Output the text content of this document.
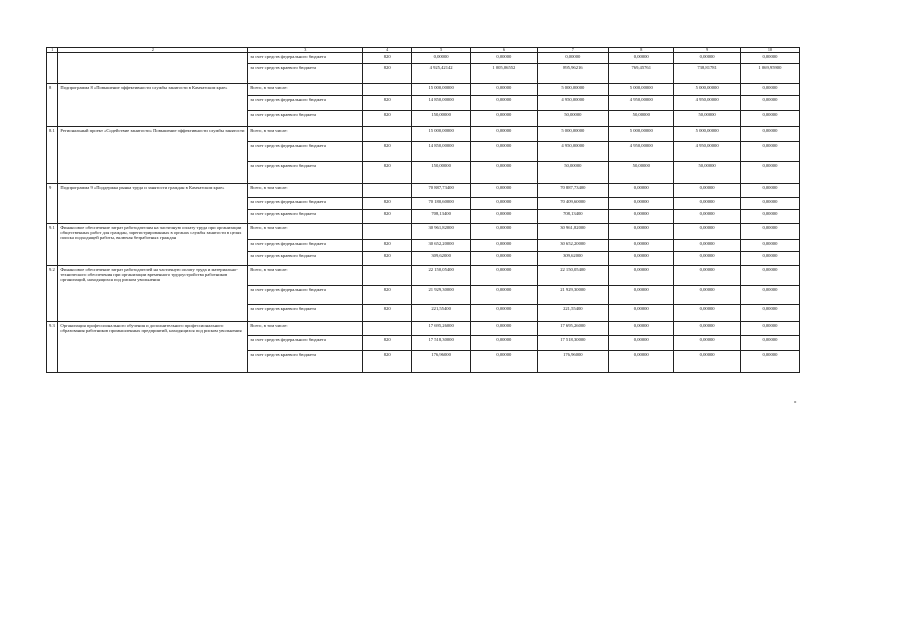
1	2	3	4	5	6	7	8	9	10
		за счет средств федерального бюджета	820	0,00000	0,00000	0,00000	0,00000	0,00000	0,00000
		за счет средств краевого бюджета	820	4 925,42142	1 005,06552	895,96216	769,45761	738,81781	1 069,95900
8	Подпрограмма 8 «Повышение эффективности службы занятости в Камчатском крае»	Всего, в том числе:		15 000,00000	0,00000	5 000,00000	5 000,00000	5 000,00000	0,00000
		за счет средств федерального бюджета	820	14 850,00000	0,00000	4 950,00000	4 950,00000	4 950,00000	0,00000
		за счет средств краевого бюджета	820	150,00000	0,00000	50,00000	50,00000	50,00000	0,00000
8.1	Региональный проект «Содействие занятости» Повышение эффективности службы занятости	Всего, в том числе:		15 000,00000	0,00000	5 000,00000	5 000,00000	5 000,00000	0,00000
		за счет средств федерального бюджета	820	14 850,00000	0,00000	4 950,00000	4 950,00000	4 950,00000	0,00000
		за счет средств краевого бюджета	820	150,00000	0,00000	50,00000	50,00000	50,00000	0,00000
9	Подпрограмма 9 «Поддержка рынка труда и занятости граждан в Камчатском крае»	Всего, в том числе:		70 887,73400	0,00000	70 887,73400	0,00000	0,00000	0,00000
		за счет средств федерального бюджета	820	70 180,60000	0,00000	70 409,60000	0,00000	0,00000	0,00000
		за счет средств краевого бюджета	820	708,13400	0,00000	708,13400	0,00000	0,00000	0,00000
9.1	Финансовое обеспечение затрат работодателям на частичную оплату труда при организации общественных работ для граждан, зарегистрированных в органах службы занятости в целях поиска подходящей работы, включая безработных граждан	Всего, в том числе:		30 961,82000	0,00000	30 961,82000	0,00000	0,00000	0,00000
		за счет средств федерального бюджета	820	30 652,20000	0,00000	30 652,20000	0,00000	0,00000	0,00000
		за счет средств краевого бюджета	820	309,62000	0,00000	309,62000	0,00000	0,00000	0,00000
9.2	Финансовое обеспечение затрат работодателей на частичную оплату труда и материально-технического обеспечения при организации временного трудоустройства работников организаций, находящихся под риском увольнения	Всего, в том числе:		22 150,05400	0,00000	22 150,05400	0,00000	0,00000	0,00000
		за счет средств федерального бюджета	820	21 929,30000	0,00000	21 929,30000	0,00000	0,00000	0,00000
		за счет средств краевого бюджета	820	221,55400	0,00000	221,55400	0,00000	0,00000	0,00000
9.3	Организация профессионального обучения и дополнительного профессионального образования работников промышленных предприятий, находящихся под риском увольнения	Всего, в том числе:		17 695,26000	0,00000	17 695,26000	0,00000	0,00000	0,00000
		за счет средств федерального бюджета	820	17 518,30000	0,00000	17 518,30000	0,00000	0,00000	0,00000
		за счет средств краевого бюджета	820	176,96000	0,00000	176,96000	0,00000	0,00000	0,00000
»
